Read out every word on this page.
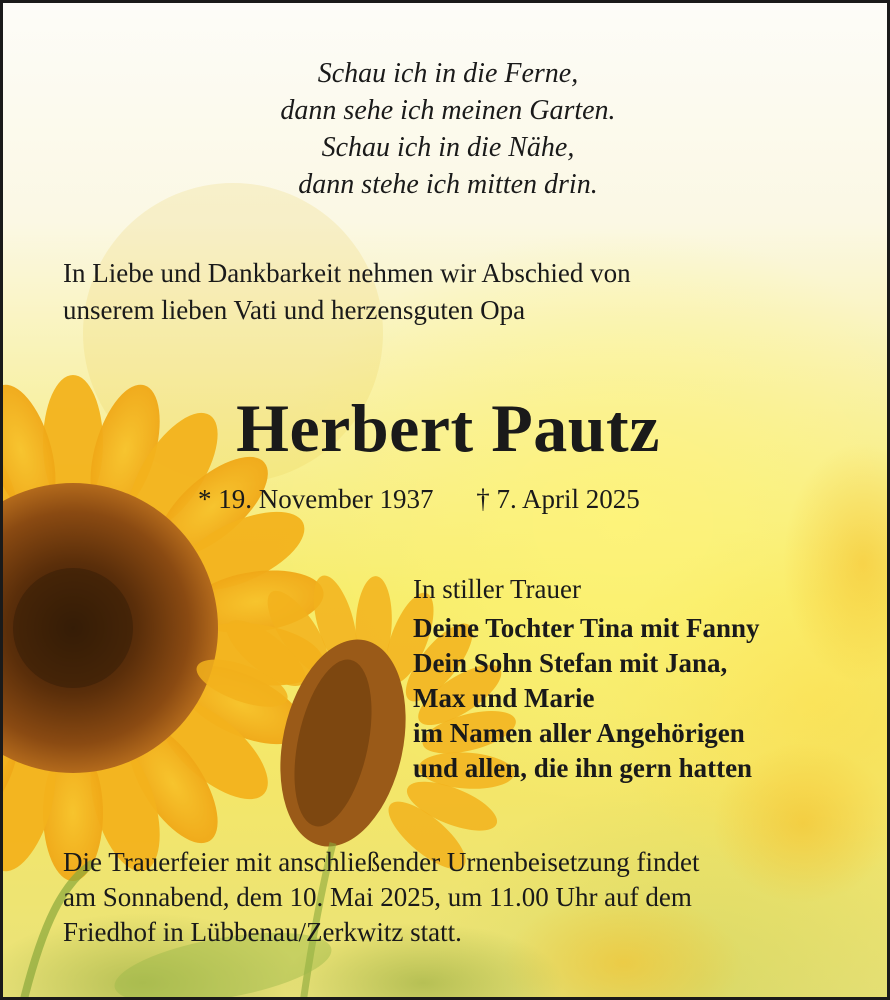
Schau ich in die Ferne,
dann sehe ich meinen Garten.
Schau ich in die Nähe,
dann stehe ich mitten drin.
In Liebe und Dankbarkeit nehmen wir Abschied von
unserem lieben Vati und herzensguten Opa
Herbert Pautz
* 19. November 1937 † 7. April 2025
In stiller Trauer
Deine Tochter Tina mit Fanny
Dein Sohn Stefan mit Jana,
Max und Marie
im Namen aller Angehörigen
und allen, die ihn gern hatten
Die Trauerfeier mit anschließender Urnenbeisetzung findet
am Sonnabend, dem 10. Mai 2025, um 11.00 Uhr auf dem
Friedhof in Lübbenau/Zerkwitz statt.
